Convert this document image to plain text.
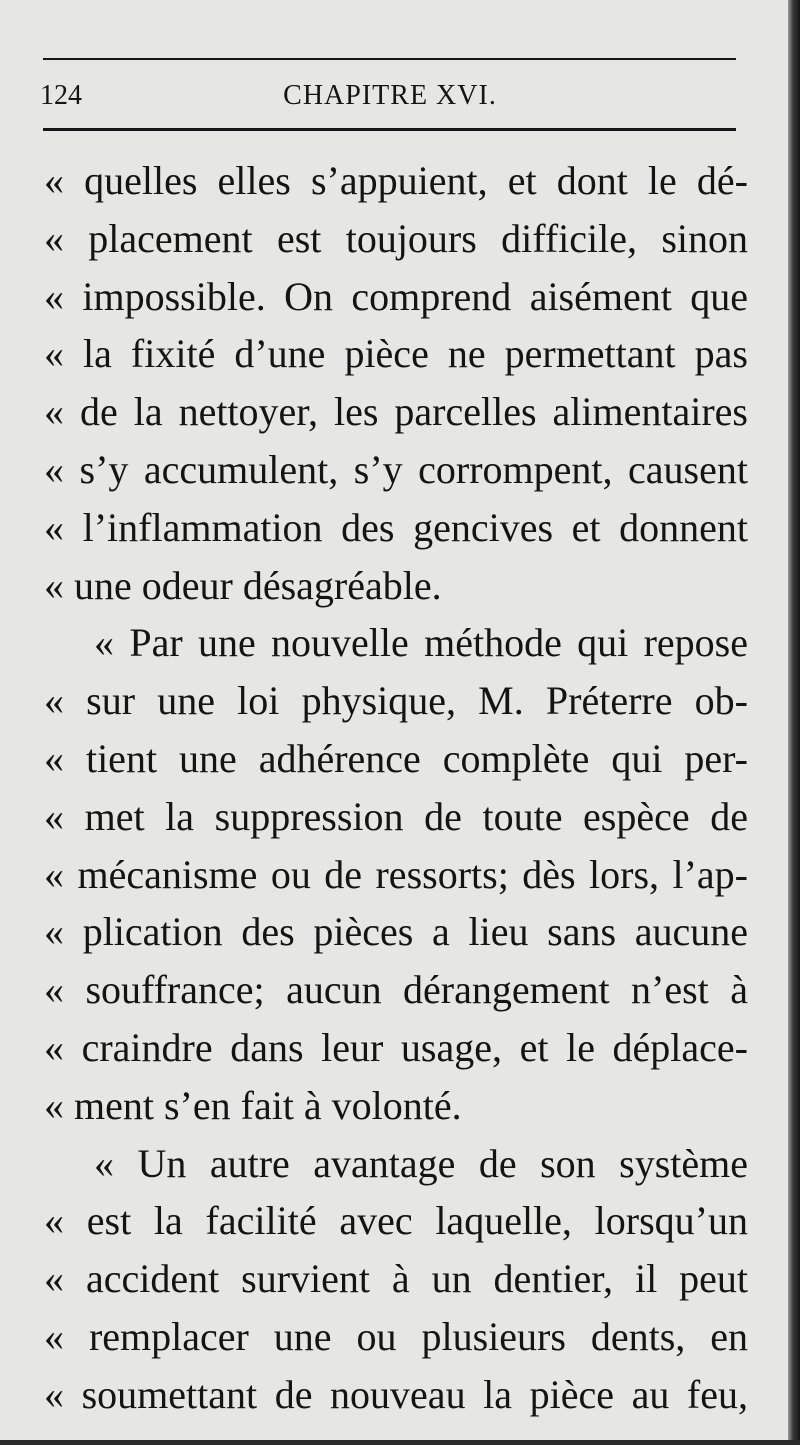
124	CHAPITRE XVI.
« quelles elles s’appuient, et dont le dé-
« placement est toujours difficile, sinon
« impossible. On comprend aisément que
« la fixité d’une pièce ne permettant pas
« de la nettoyer, les parcelles alimentaires
« s’y accumulent, s’y corrompent, causent
« l’inflammation des gencives et donnent
« une odeur désagréable.
« Par une nouvelle méthode qui repose
« sur une loi physique, M. Préterre ob-
« tient une adhérence complète qui per-
« met la suppression de toute espèce de
« mécanisme ou de ressorts; dès lors, l’ap-
« plication des pièces a lieu sans aucune
« souffrance; aucun dérangement n’est à
« craindre dans leur usage, et le déplace-
« ment s’en fait à volonté.
« Un autre avantage de son système
« est la facilité avec laquelle, lorsqu’un
« accident survient à un dentier, il peut
« remplacer une ou plusieurs dents, en
« soumettant de nouveau la pièce au feu,
